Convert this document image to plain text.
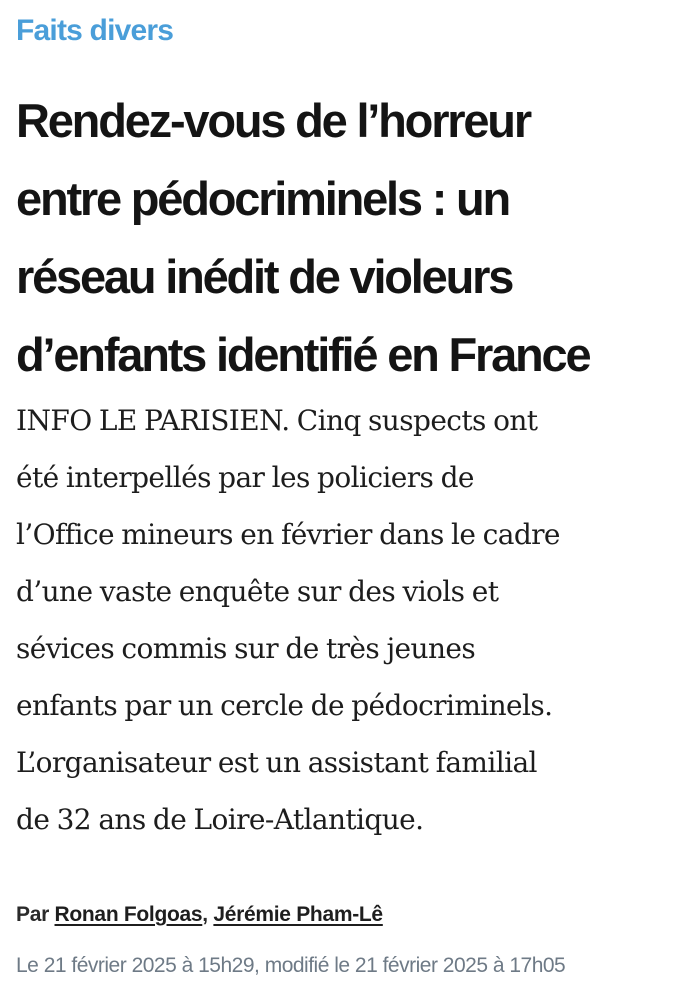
Faits divers
Rendez-vous de l’horreur
entre pédocriminels : un
réseau inédit de violeurs
d’enfants identifié en France

INFO LE PARISIEN. Cinq suspects ont
été interpellés par les policiers de
l’Office mineurs en février dans le cadre
d’une vaste enquête sur des viols et
sévices commis sur de très jeunes
enfants par un cercle de pédocriminels.
L’organisateur est un assistant familial
de 32 ans de Loire-Atlantique.

Par Ronan Folgoas, Jérémie Pham-Lê
Le 21 février 2025 à 15h29, modifié le 21 février 2025 à 17h05
